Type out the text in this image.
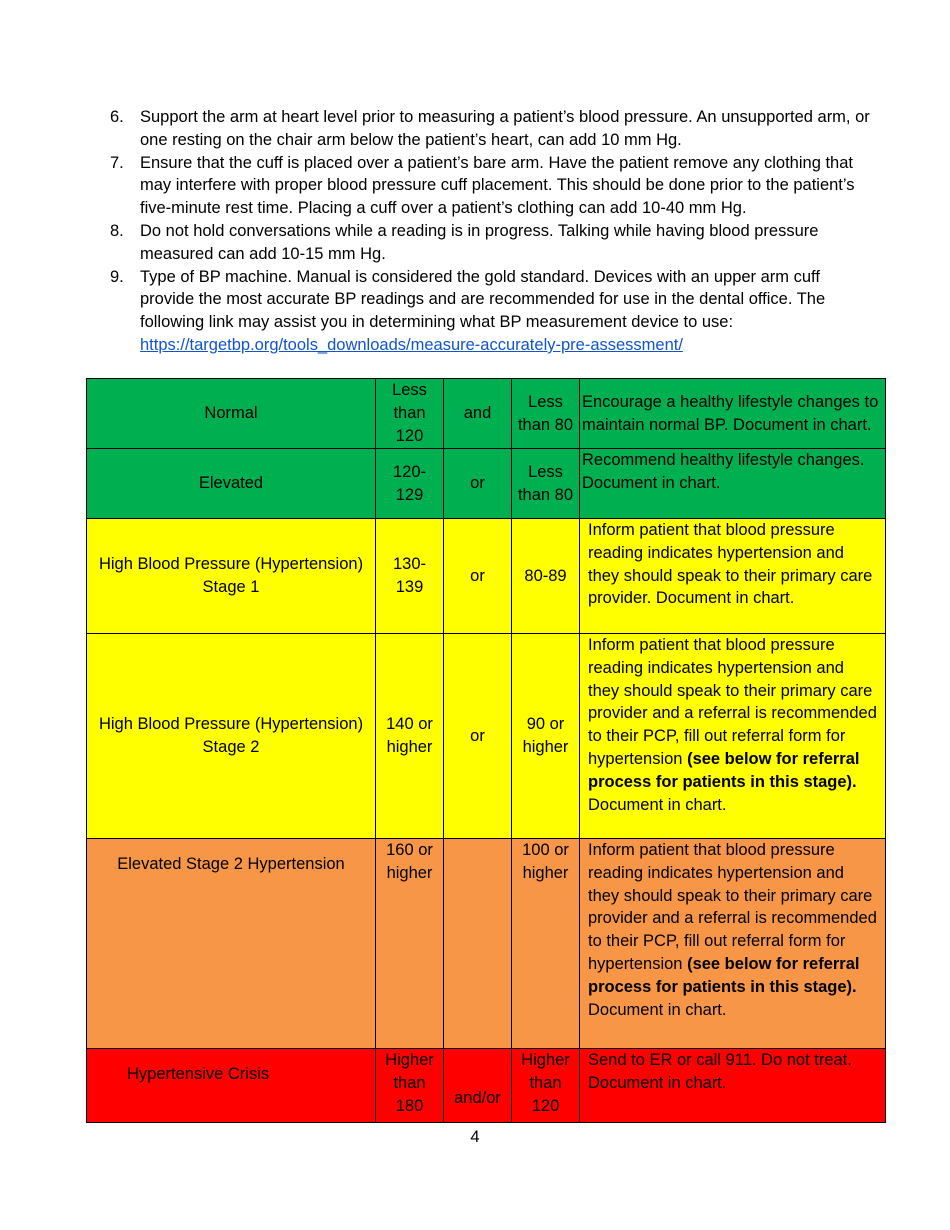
6. Support the arm at heart level prior to measuring a patient’s blood pressure. An unsupported arm, or one resting on the chair arm below the patient’s heart, can add 10 mm Hg.
7. Ensure that the cuff is placed over a patient’s bare arm. Have the patient remove any clothing that may interfere with proper blood pressure cuff placement. This should be done prior to the patient’s five-minute rest time. Placing a cuff over a patient’s clothing can add 10-40 mm Hg.
8. Do not hold conversations while a reading is in progress. Talking while having blood pressure measured can add 10-15 mm Hg.
9. Type of BP machine. Manual is considered the gold standard. Devices with an upper arm cuff provide the most accurate BP readings and are recommended for use in the dental office. The following link may assist you in determining what BP measurement device to use:
https://targetbp.org/tools_downloads/measure-accurately-pre-assessment/
Normal	Less than 120	and	Less than 80	Encourage a healthy lifestyle changes to maintain normal BP. Document in chart.
Elevated	120-129	or	Less than 80	Recommend healthy lifestyle changes. Document in chart.
High Blood Pressure (Hypertension) Stage 1	130-139	or	80-89	Inform patient that blood pressure reading indicates hypertension and they should speak to their primary care provider. Document in chart.
High Blood Pressure (Hypertension) Stage 2	140 or higher	or	90 or higher	Inform patient that blood pressure reading indicates hypertension and they should speak to their primary care provider and a referral is recommended to their PCP, fill out referral form for hypertension (see below for referral process for patients in this stage). Document in chart.
Elevated Stage 2 Hypertension	160 or higher		100 or higher	Inform patient that blood pressure reading indicates hypertension and they should speak to their primary care provider and a referral is recommended to their PCP, fill out referral form for hypertension (see below for referral process for patients in this stage). Document in chart.
Hypertensive Crisis	Higher than 180	and/or	Higher than 120	Send to ER or call 911. Do not treat. Document in chart.
4
